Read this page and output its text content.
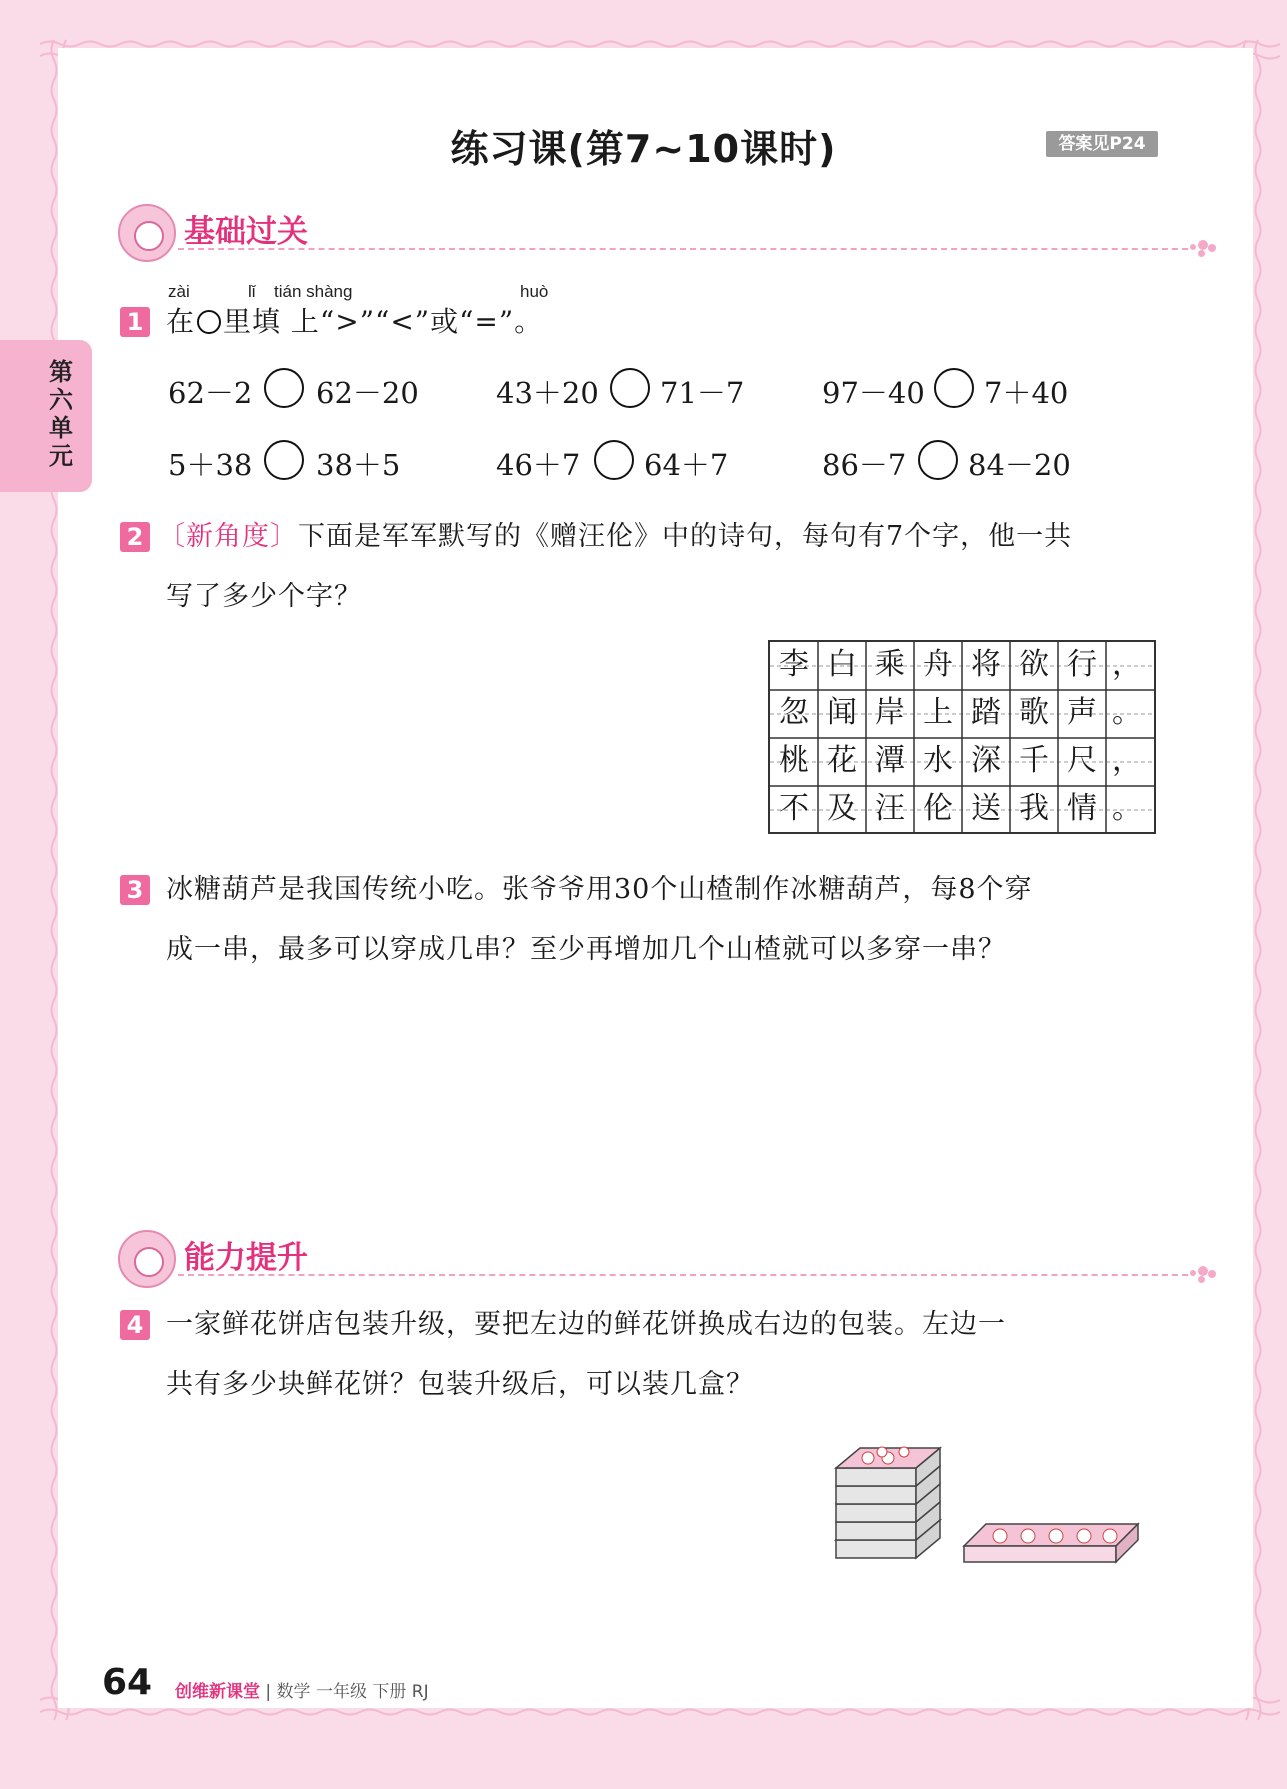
练习课(第7~10课时)	答案见P24
第六单元
基础过关
zài	lǐ tián shàng	huò
1 在 里填 上“>”“<”或“=”。
62－2 62－20	43＋20 71－7	97－40 7＋40
5＋38 38＋5	46＋7 64＋7	86－7 84－20
2 〔新角度〕下面是军军默写的《赠汪伦》中的诗句，每句有7个字，他一共
写了多少个字？
李 白 乘 舟 将 欲 行 ，
忽 闻 岸 上 踏 歌 声 。
桃 花 潭 水 深 千 尺 ，
不 及 汪 伦 送 我 情 。
3 冰糖葫芦是我国传统小吃。张爷爷用30个山楂制作冰糖葫芦，每8个穿
成一串，最多可以穿成几串？至少再增加几个山楂就可以多穿一串？
能力提升
4 一家鲜花饼店包装升级，要把左边的鲜花饼换成右边的包装。左边一
共有多少块鲜花饼？包装升级后，可以装几盒？
64 创维新课堂 | 数学 一年级 下册 RJ
